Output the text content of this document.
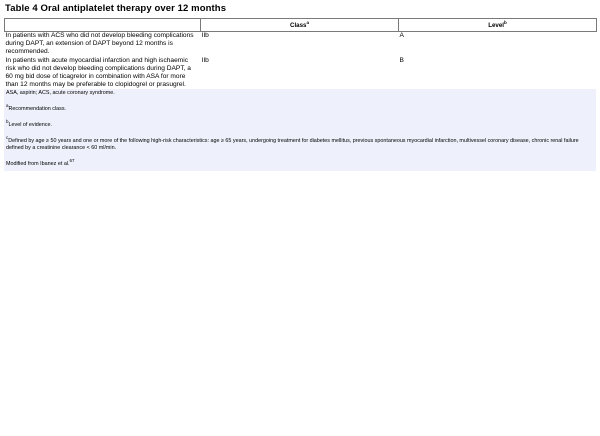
Table 4 Oral antiplatelet therapy over 12 months
	Class$^a$	Level$^b$
In patients with ACS who did not develop bleeding complications during DAPT, an extension of DAPT beyond 12 months is recommended.	IIb	A
In patients with acute myocardial infarction and high ischaemic risk who did not develop bleeding complications during DAPT, a 60 mg bid dose of ticagrelor in combination with ASA for more than 12 months may be preferable to clopidogrel or prasugrel.	IIb	B
ASA, aspirin; ACS, acute coronary syndrome.
$^a$Recommendation class.
$^b$Level of evidence.
$^c$Defined by age ≥ 50 years and one or more of the following high-risk characteristics: age ≥ 65 years, undergoing treatment for diabetes mellitus, previous spontaneous myocardial infarction, multivessel coronary disease, chronic renal failure defined by a creatinine clearance < 60 ml/min.
Modified from Ibanez et al.$^{67}$
